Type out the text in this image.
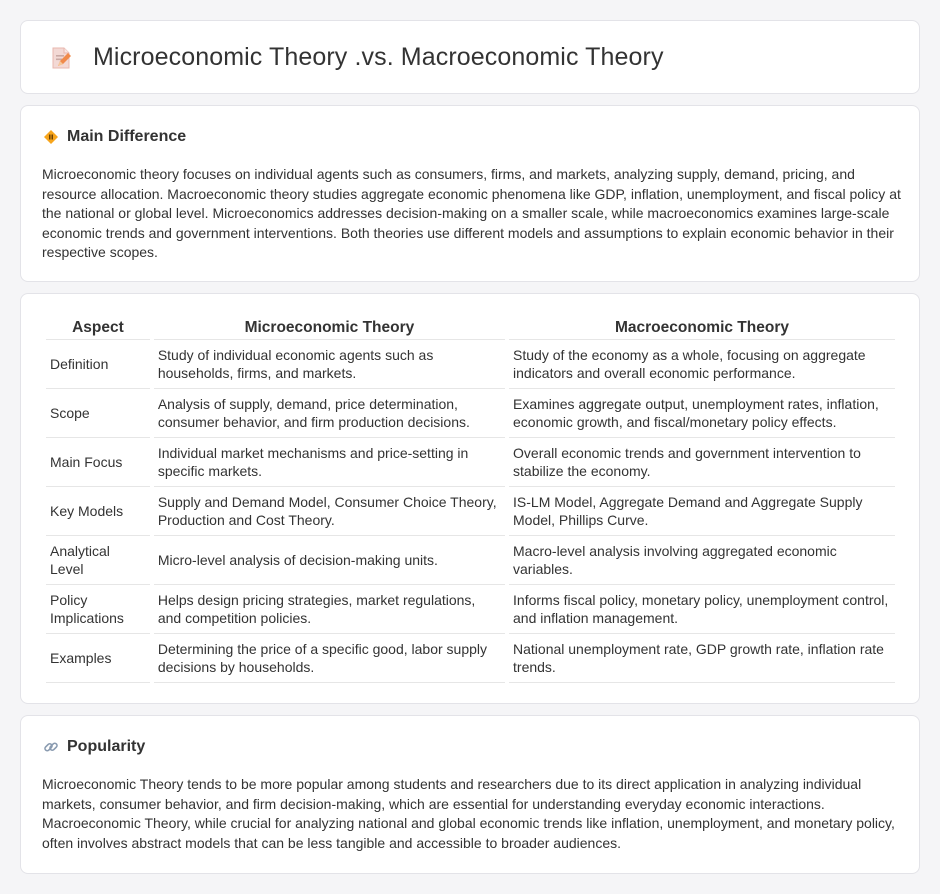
Microeconomic Theory .vs. Macroeconomic Theory
Main Difference

Microeconomic theory focuses on individual agents such as consumers, firms, and markets, analyzing supply, demand, pricing, and resource allocation. Macroeconomic theory studies aggregate economic phenomena like GDP, inflation, unemployment, and fiscal policy at the national or global level. Microeconomics addresses decision-making on a smaller scale, while macroeconomics examines large-scale economic trends and government interventions. Both theories use different models and assumptions to explain economic behavior in their respective scopes.

Aspect	Microeconomic Theory	Macroeconomic Theory
Definition	Study of individual economic agents such as households, firms, and markets.	Study of the economy as a whole, focusing on aggregate indicators and overall economic performance.
Scope	Analysis of supply, demand, price determination, consumer behavior, and firm production decisions.	Examines aggregate output, unemployment rates, inflation, economic growth, and fiscal/monetary policy effects.
Main Focus	Individual market mechanisms and price-setting in specific markets.	Overall economic trends and government intervention to stabilize the economy.
Key Models	Supply and Demand Model, Consumer Choice Theory, Production and Cost Theory.	IS-LM Model, Aggregate Demand and Aggregate Supply Model, Phillips Curve.
Analytical Level	Micro-level analysis of decision-making units.	Macro-level analysis involving aggregated economic variables.
Policy Implications	Helps design pricing strategies, market regulations, and competition policies.	Informs fiscal policy, monetary policy, unemployment control, and inflation management.
Examples	Determining the price of a specific good, labor supply decisions by households.	National unemployment rate, GDP growth rate, inflation rate trends.
Popularity

Microeconomic Theory tends to be more popular among students and researchers due to its direct application in analyzing individual markets, consumer behavior, and firm decision-making, which are essential for understanding everyday economic interactions. Macroeconomic Theory, while crucial for analyzing national and global economic trends like inflation, unemployment, and monetary policy, often involves abstract models that can be less tangible and accessible to broader audiences.
